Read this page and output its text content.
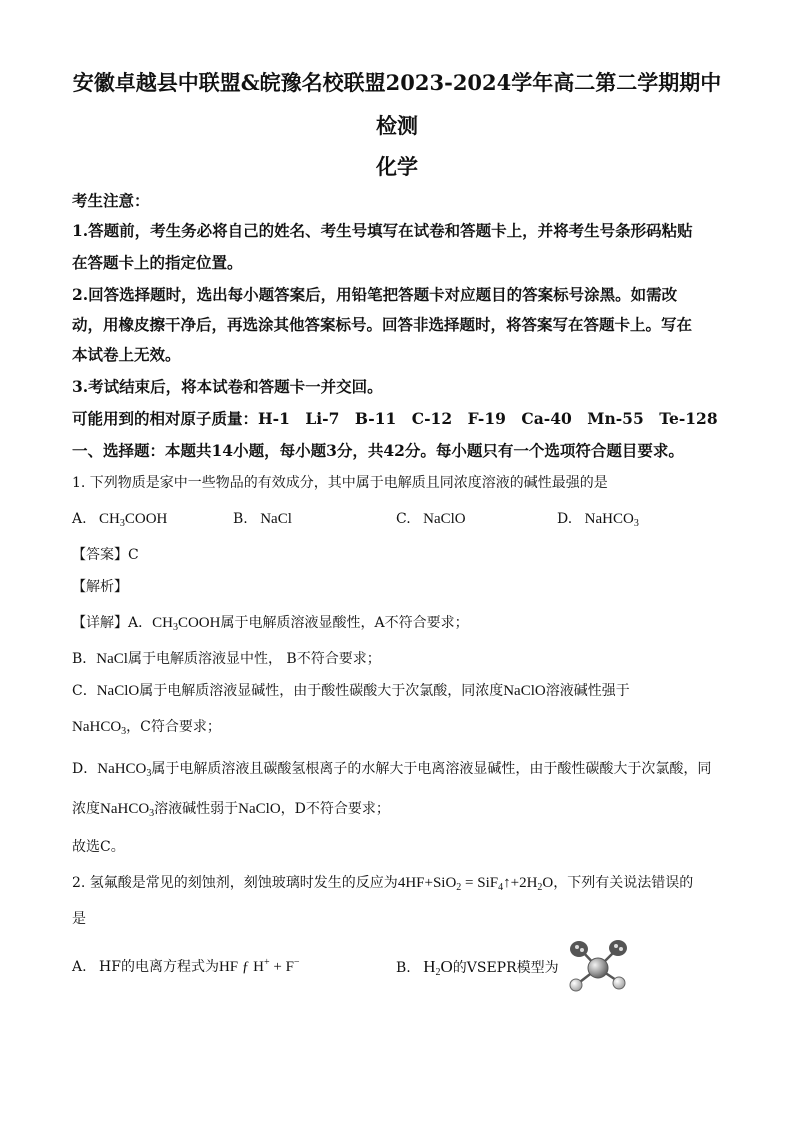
安徽卓越县中联盟&皖豫名校联盟2023-2024学年高二第二学期期中
检测
化学
考生注意：
1.答题前，考生务必将自己的姓名、考生号填写在试卷和答题卡上，并将考生号条形码粘贴
在答题卡上的指定位置。
2.回答选择题时，选出每小题答案后，用铅笔把答题卡对应题目的答案标号涂黑。如需改
动，用橡皮擦干净后，再选涂其他答案标号。回答非选择题时，将答案写在答题卡上。写在
本试卷上无效。
3.考试结束后，将本试卷和答题卡一并交回。
可能用到的相对原子质量：H-1　Li-7　B-11　C-12　F-19　Ca-40　Mn-55　Te-128
一、选择题：本题共14小题，每小题3分，共42分。每小题只有一个选项符合题目要求。
1. 下列物质是家中一些物品的有效成分，其中属于电解质且同浓度溶液的碱性最强的是
A. $CH_3COOH$	B. NaCl	C. NaClO	D. NaHCO$_3$
【答案】C
【解析】
【详解】A．$CH_3COOH$属于电解质溶液显酸性，A不符合要求；
B．NaCl属于电解质溶液显中性， B不符合要求；
C．NaClO属于电解质溶液显碱性，由于酸性碳酸大于次氯酸，同浓度NaClO溶液碱性强于
NaHCO$_3$，C符合要求；
D．NaHCO$_3$属于电解质溶液且碳酸氢根离子的水解大于电离溶液显碱性，由于酸性碳酸大于次氯酸，同
浓度NaHCO$_3$溶液碱性弱于NaClO，D不符合要求；
故选C。
2. 氢氟酸是常见的刻蚀剂，刻蚀玻璃时发生的反应为$4HF+SiO_2 = SiF_4↑+2H_2O$，下列有关说法错误的
是
A. HF的电离方程式为HF ƒ H+ + F−	B. $H_2O$的VSEPR模型为
